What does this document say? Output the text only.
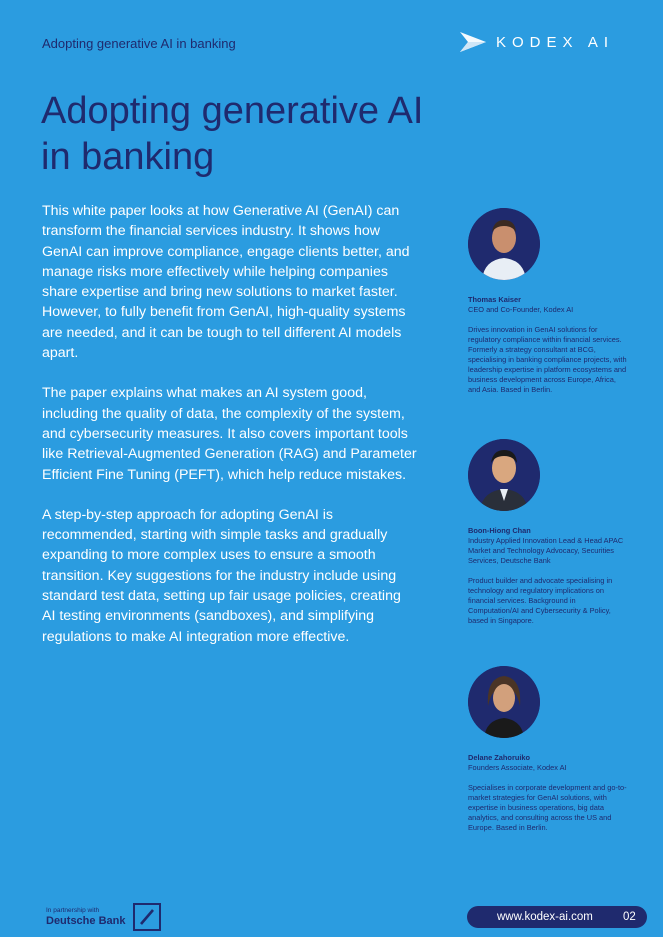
Adopting generative AI in banking	KODEX AI
Adopting generative AI in banking

This white paper looks at how Generative AI (GenAI) can transform the financial services industry. It shows how GenAI can improve compliance, engage clients better, and manage risks more effectively while helping companies share expertise and bring new solutions to market faster. However, to fully benefit from GenAI, high-quality systems are needed, and it can be tough to tell different AI models apart.

The paper explains what makes an AI system good, including the quality of data, the complexity of the system, and cybersecurity measures. It also covers important tools like Retrieval-Augmented Generation (RAG) and Parameter Efficient Fine Tuning (PEFT), which help reduce mistakes.

A step-by-step approach for adopting GenAI is recommended, starting with simple tasks and gradually expanding to more complex uses to ensure a smooth transition. Key suggestions for the industry include using standard test data, setting up fair usage policies, creating AI testing environments (sandboxes), and simplifying regulations to make AI integration more effective.

Thomas Kaiser
CEO and Co-Founder, Kodex AI
Drives innovation in GenAI solutions for regulatory compliance within financial services. Formerly a strategy consultant at BCG, specialising in banking compliance projects, with leadership expertise in platform ecosystems and business development across Europe, Africa, and Asia. Based in Berlin.
Boon-Hiong Chan
Industry Applied Innovation Lead & Head APAC Market and Technology Advocacy, Securities Services, Deutsche Bank
Product builder and advocate specialising in technology and regulatory implications on financial services. Background in Computation/AI and Cybersecurity & Policy, based in Singapore.
Delane Zahoruiko
Founders Associate, Kodex AI
Specialises in corporate development and go-to-market strategies for GenAI solutions, with expertise in business operations, big data analytics, and consulting across the US and Europe. Based in Berlin.
In partnership with
Deutsche Bank	www.kodex-ai.com	02
